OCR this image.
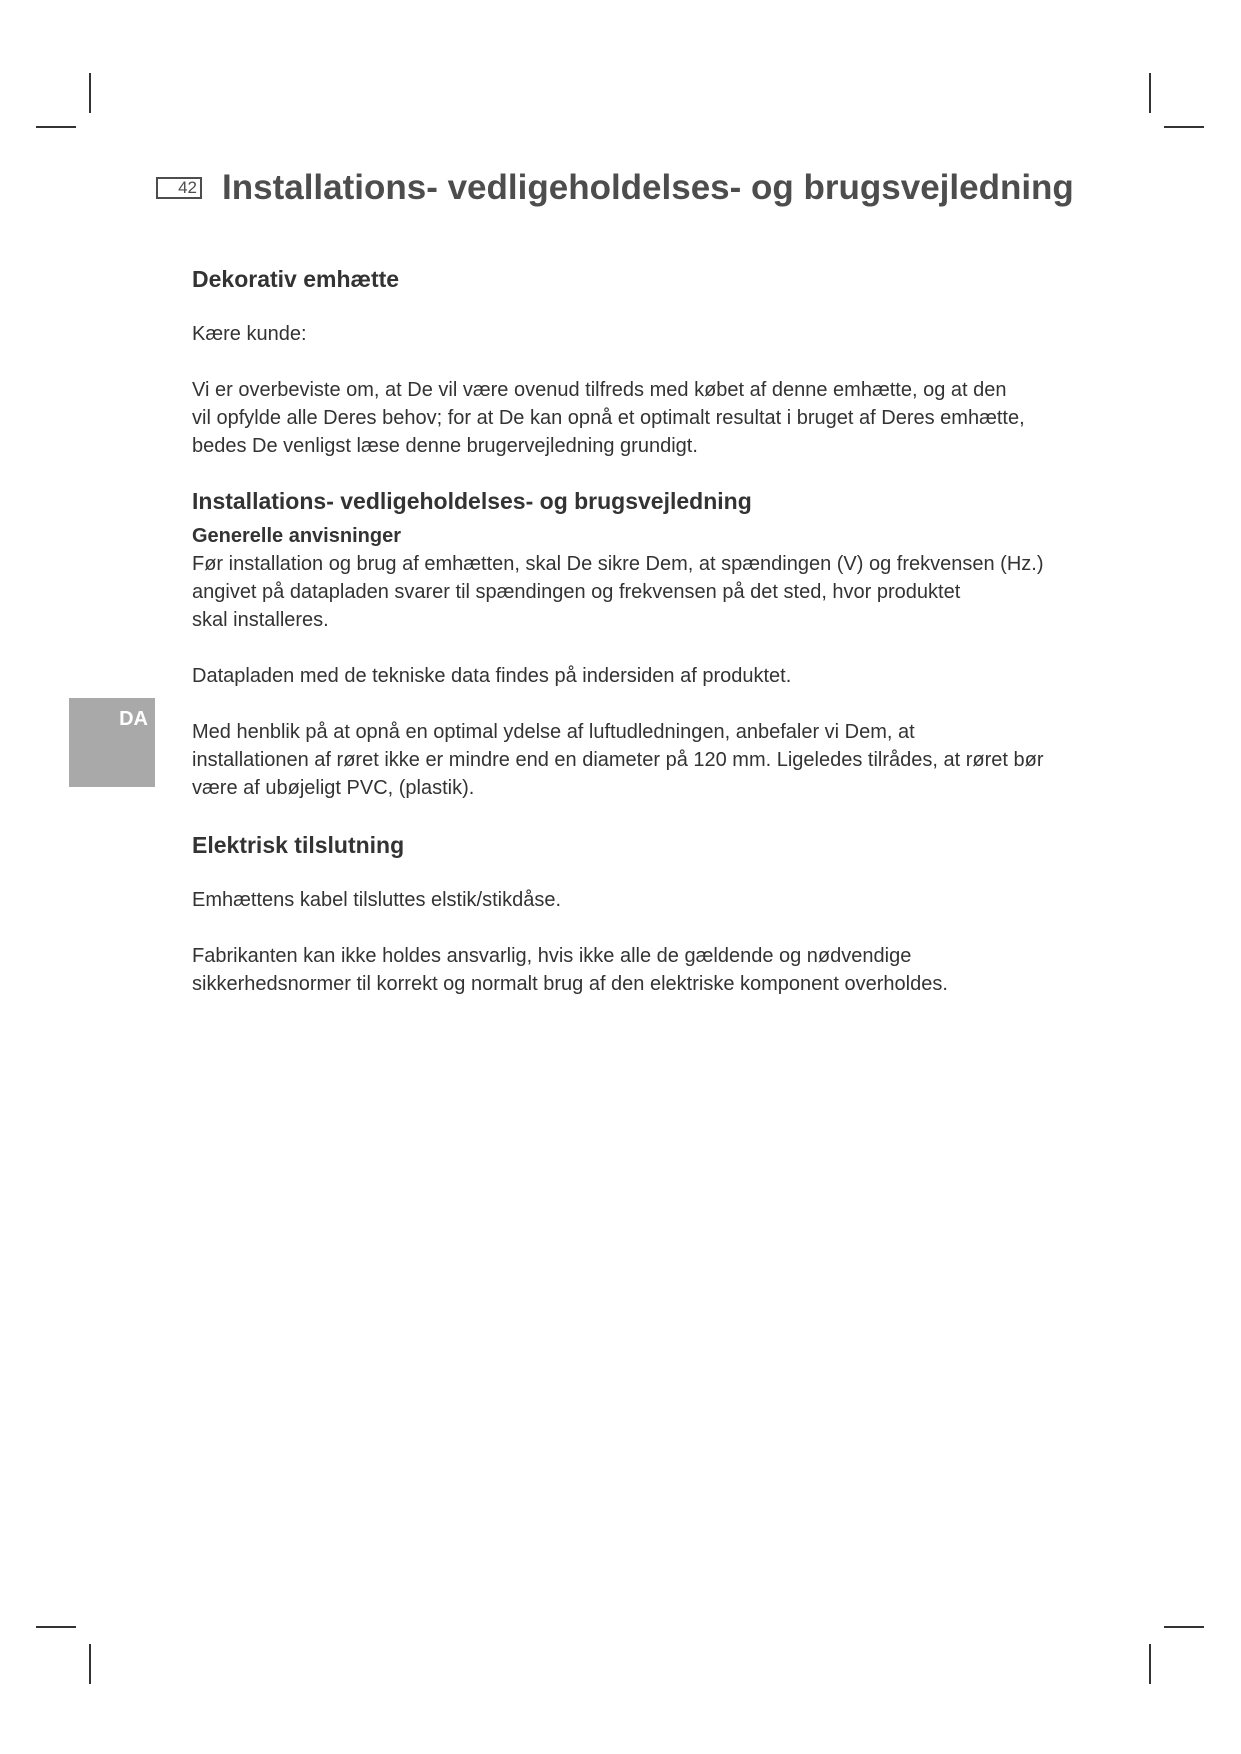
42 Installations- vedligeholdelses- og brugsvejledning
DA
Dekorativ emhætte

Kære kunde:

Vi er overbeviste om, at De vil være ovenud tilfreds med købet af denne emhætte, og at den

vil opfylde alle Deres behov; for at De kan opnå et optimalt resultat i bruget af Deres emhætte,

bedes De venligst læse denne brugervejledning grundigt.

Installations- vedligeholdelses- og brugsvejledning
Generelle anvisninger

Før installation og brug af emhætten, skal De sikre Dem, at spændingen (V) og frekvensen (Hz.)

angivet på datapladen svarer til spændingen og frekvensen på det sted, hvor produktet

skal installeres.

Datapladen med de tekniske data findes på indersiden af produktet.

Med henblik på at opnå en optimal ydelse af luftudledningen, anbefaler vi Dem, at

installationen af røret ikke er mindre end en diameter på 120 mm. Ligeledes tilrådes, at røret bør

være af ubøjeligt PVC, (plastik).

Elektrisk tilslutning

Emhættens kabel tilsluttes elstik/stikdåse.

Fabrikanten kan ikke holdes ansvarlig, hvis ikke alle de gældende og nødvendige

sikkerhedsnormer til korrekt og normalt brug af den elektriske komponent overholdes.
